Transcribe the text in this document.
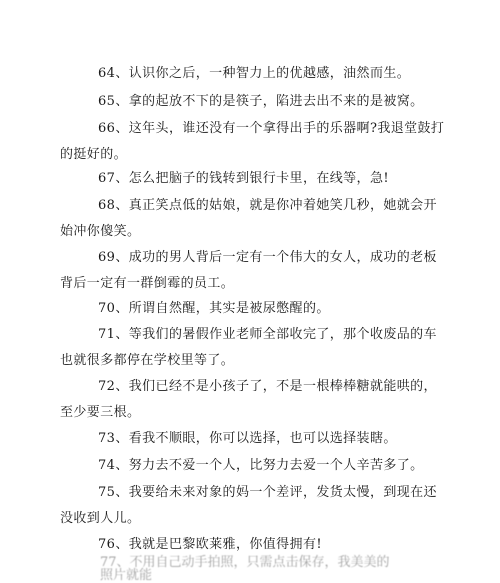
64、认识你之后，一种智力上的优越感，油然而生。
65、拿的起放不下的是筷子，陷进去出不来的是被窝。
66、这年头，谁还没有一个拿得出手的乐器啊?我退堂鼓打的挺好的。
67、怎么把脑子的钱转到银行卡里，在线等，急!
68、真正笑点低的姑娘，就是你冲着她笑几秒，她就会开始冲你傻笑。
69、成功的男人背后一定有一个伟大的女人，成功的老板背后一定有一群倒霉的员工。
70、所谓自然醒，其实是被尿憋醒的。
71、等我们的暑假作业老师全部收完了，那个收废品的车也就很多都停在学校里等了。
72、我们已经不是小孩子了，不是一根棒棒糖就能哄的，至少要三根。
73、看我不顺眼，你可以选择，也可以选择装瞎。
74、努力去不爱一个人，比努力去爱一个人辛苦多了。
75、我要给未来对象的妈一个差评，发货太慢，到现在还没收到人儿。
76、我就是巴黎欧莱雅，你值得拥有!
77、不用自己动手拍照，只需点击保存，我美美的照片就能
